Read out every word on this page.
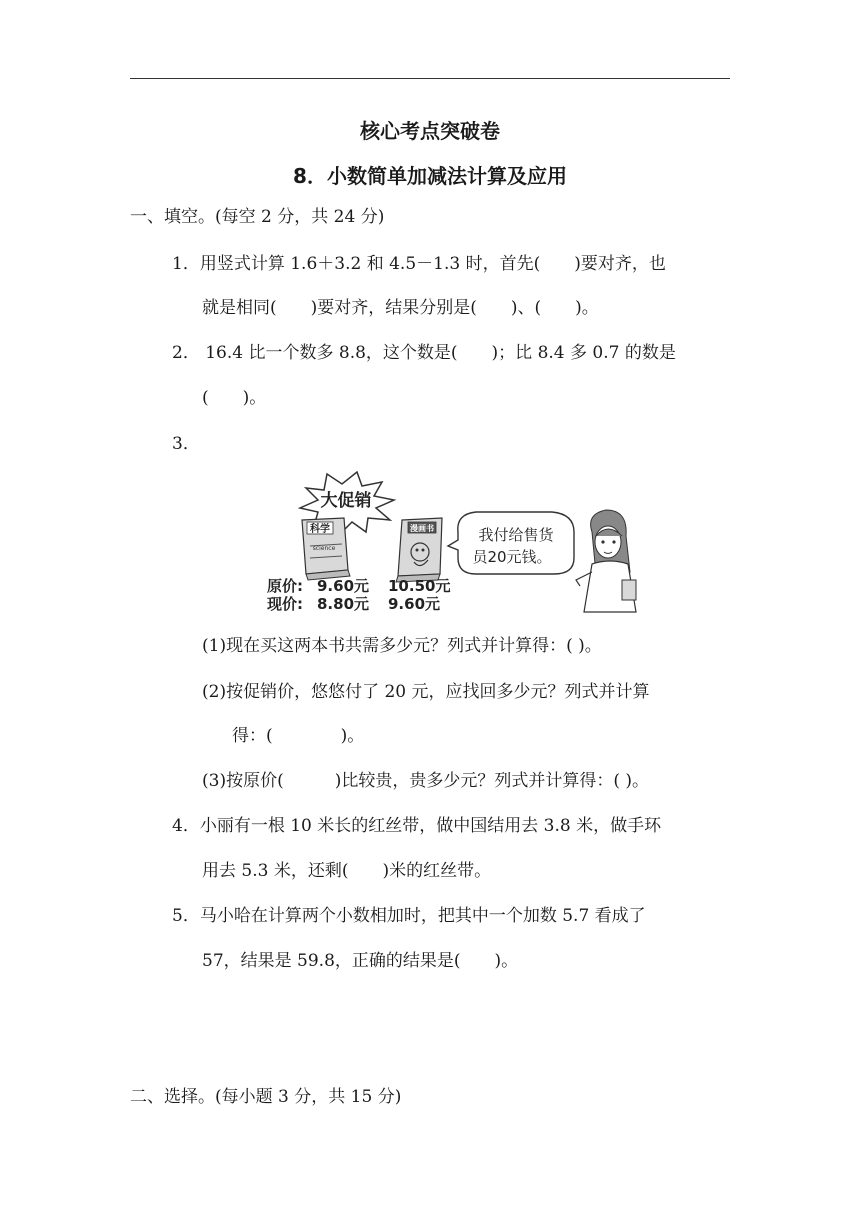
核心考点突破卷
8．小数简单加减法计算及应用
一、填空。(每空 2 分，共 24 分)
1．用竖式计算 1.6＋3.2 和 4.5－1.3 时，首先(　　)要对齐，也
就是相同(　　)要对齐，结果分别是(　　)、(　　)。
2． 16.4 比一个数多 8.8，这个数是(　　)；比 8.4 多 0.7 的数是
(　　)。
3．
大促销
科学
science
漫画书	我付给售货
员20元钱。
原价:
现价:
9.60元
8.80元
10.50元
9.60元
(1)现在买这两本书共需多少元？列式并计算得：( )。
(2)按促销价，悠悠付了 20 元，应找回多少元？列式并计算
得：(　　　　)。
(3)按原价(　　　)比较贵，贵多少元？列式并计算得：( )。
4．小丽有一根 10 米长的红丝带，做中国结用去 3.8 米，做手环
用去 5.3 米，还剩(　　)米的红丝带。
5．马小哈在计算两个小数相加时，把其中一个加数 5.7 看成了
57，结果是 59.8，正确的结果是(　　)。
二、选择。(每小题 3 分，共 15 分)
